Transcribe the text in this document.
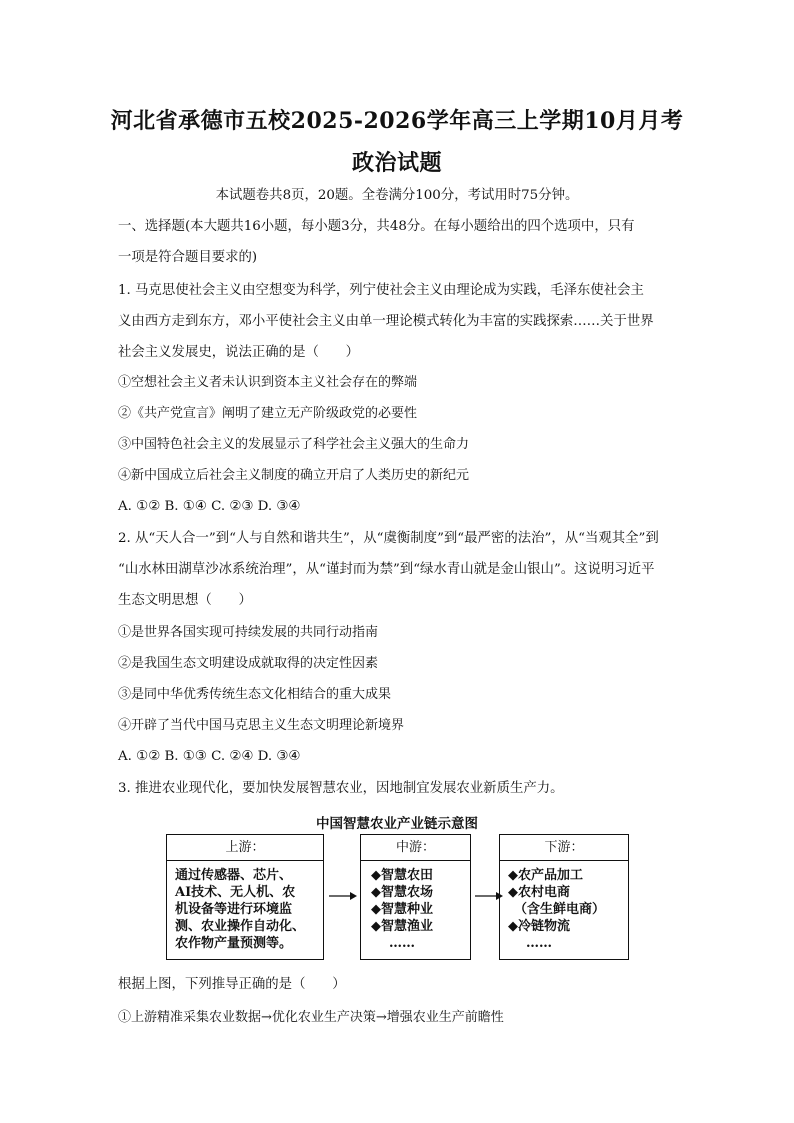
河北省承德市五校2025-2026学年高三上学期10月月考
政治试题
本试题卷共8页，20题。全卷满分100分，考试用时75分钟。
一、选择题(本大题共16小题，每小题3分，共48分。在每小题给出的四个选项中，只有
一项是符合题目要求的)
1. 马克思使社会主义由空想变为科学，列宁使社会主义由理论成为实践，毛泽东使社会主
义由西方走到东方，邓小平使社会主义由单一理论模式转化为丰富的实践探索……关于世界
社会主义发展史，说法正确的是（　　）
①空想社会主义者未认识到资本主义社会存在的弊端
②《共产党宣言》阐明了建立无产阶级政党的必要性
③中国特色社会主义的发展显示了科学社会主义强大的生命力
④新中国成立后社会主义制度的确立开启了人类历史的新纪元
A. ①② B. ①④ C. ②③ D. ③④
2. 从“天人合一”到“人与自然和谐共生”，从“虞衡制度”到“最严密的法治”，从“当观其全”到
“山水林田湖草沙冰系统治理”，从“谨封而为禁”到“绿水青山就是金山银山”。这说明习近平
生态文明思想（　　）
①是世界各国实现可持续发展的共同行动指南
②是我国生态文明建设成就取得的决定性因素
③是同中华优秀传统生态文化相结合的重大成果
④开辟了当代中国马克思主义生态文明理论新境界
A. ①② B. ①③ C. ②④ D. ③④
3. 推进农业现代化，要加快发展智慧农业，因地制宜发展农业新质生产力。
中国智慧农业产业链示意图
上游：
通过传感器、芯片、
AI技术、无人机、农
机设备等进行环境监
测、农业操作自动化、
农作物产量预测等。
中游：
◆智慧农田
◆智慧农场
◆智慧种业
◆智慧渔业
……
下游：
◆农产品加工
◆农村电商
（含生鲜电商）
◆冷链物流
……
根据上图，下列推导正确的是（　　）
①上游精准采集农业数据→优化农业生产决策→增强农业生产前瞻性
